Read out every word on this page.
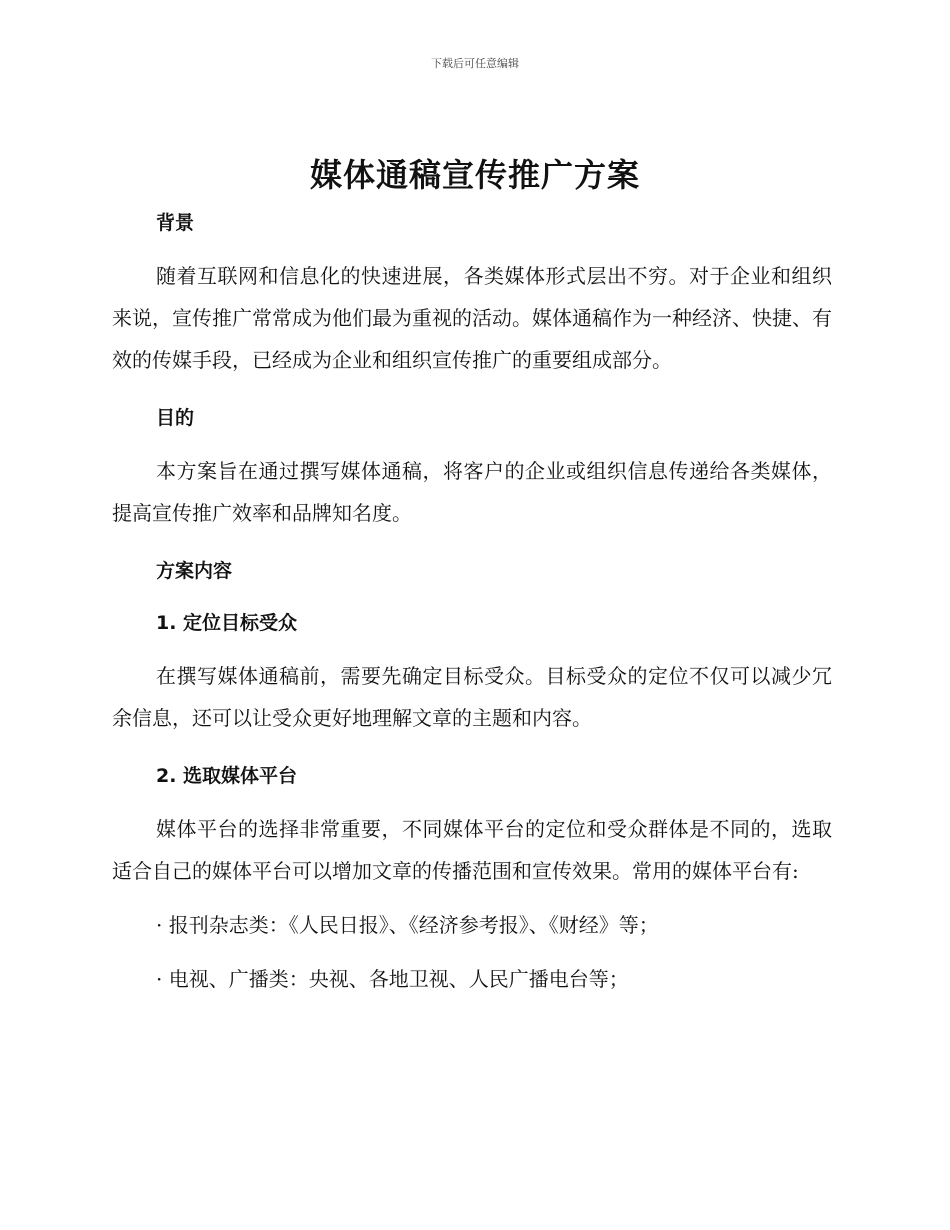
下载后可任意编辑
媒体通稿宣传推广方案
背景

随着互联网和信息化的快速进展，各类媒体形式层出不穷。对于企业和组织来说，宣传推广常常成为他们最为重视的活动。媒体通稿作为一种经济、快捷、有效的传媒手段，已经成为企业和组织宣传推广的重要组成部分。

目的

本方案旨在通过撰写媒体通稿，将客户的企业或组织信息传递给各类媒体，提高宣传推广效率和品牌知名度。

方案内容
1. 定位目标受众

在撰写媒体通稿前，需要先确定目标受众。目标受众的定位不仅可以减少冗余信息，还可以让受众更好地理解文章的主题和内容。

2. 选取媒体平台

媒体平台的选择非常重要，不同媒体平台的定位和受众群体是不同的，选取适合自己的媒体平台可以增加文章的传播范围和宣传效果。常用的媒体平台有:

· 报刊杂志类：《人民日报》、《经济参考报》、《财经》等；

· 电视、广播类：央视、各地卫视、人民广播电台等；
